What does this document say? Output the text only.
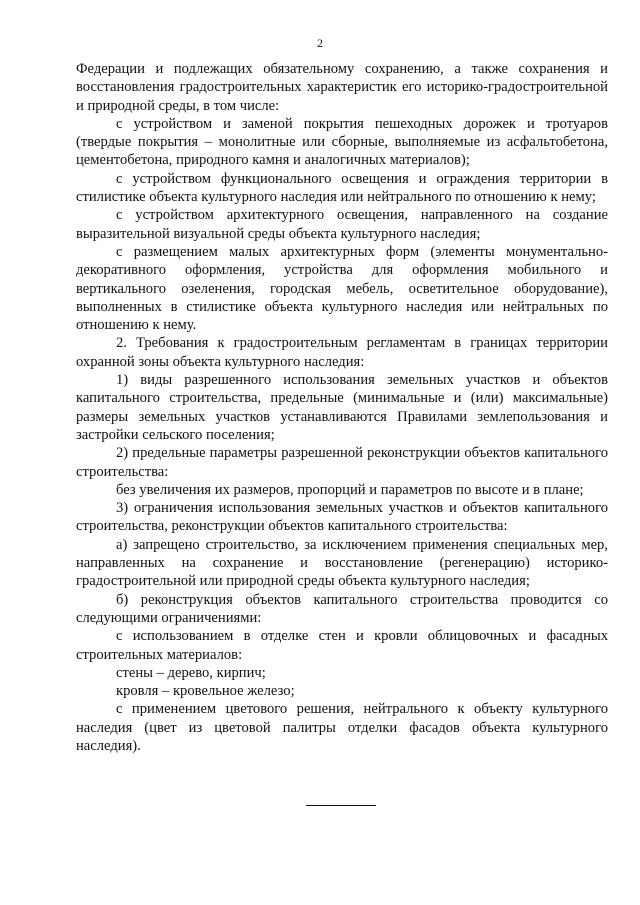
2

Федерации и подлежащих обязательному сохранению, а также сохранения и восстановления градостроительных характеристик его историко-градостроительной и природной среды, в том числе:

с устройством и заменой покрытия пешеходных дорожек и тротуаров (твердые покрытия – монолитные или сборные, выполняемые из асфальтобетона, цементобетона, природного камня и аналогичных материалов);

с устройством функционального освещения и ограждения территории в стилистике объекта культурного наследия или нейтрального по отношению к нему;

с устройством архитектурного освещения, направленного на создание выразительной визуальной среды объекта культурного наследия;

с размещением малых архитектурных форм (элементы монументально-декоративного оформления, устройства для оформления мобильного и вертикального озеленения, городская мебель, осветительное оборудование), выполненных в стилистике объекта культурного наследия или нейтральных по отношению к нему.

2. Требования к градостроительным регламентам в границах территории охранной зоны объекта культурного наследия:

1) виды разрешенного использования земельных участков и объектов капитального строительства, предельные (минимальные и (или) максимальные) размеры земельных участков устанавливаются Правилами землепользования и застройки сельского поселения;

2) предельные параметры разрешенной реконструкции объектов капитального строительства:

без увеличения их размеров, пропорций и параметров по высоте и в плане;

3) ограничения использования земельных участков и объектов капитального строительства, реконструкции объектов капитального строительства:

а) запрещено строительство, за исключением применения специальных мер, направленных на сохранение и восстановление (регенерацию) историко-градостроительной или природной среды объекта культурного наследия;

б) реконструкция объектов капитального строительства проводится со следующими ограничениями:

с использованием в отделке стен и кровли облицовочных и фасадных строительных материалов:

стены – дерево, кирпич;

кровля – кровельное железо;

с применением цветового решения, нейтрального к объекту культурного наследия (цвет из цветовой палитры отделки фасадов объекта культурного наследия).
